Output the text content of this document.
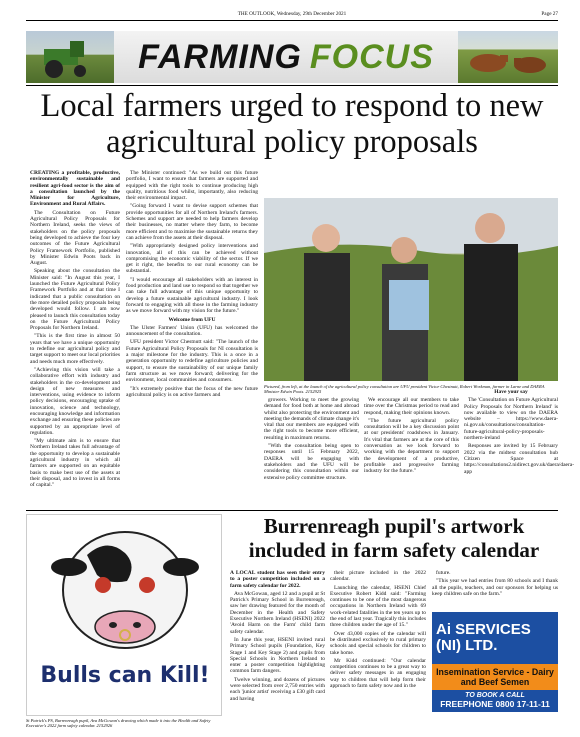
THE OUTLOOK, Wednesday, 29th December 2021	Page 27
FARMING FOCUS
Local farmers urged to respond to new agricultural policy proposals

CREATING a profitable, productive, environmentally sustainable and resilient agri-food sector is the aim of a consultation launched by the Minister for Agriculture, Environment and Rural Affairs.

The Consultation on Future Agricultural Policy Proposals for Northern Ireland, seeks the views of stakeholders on the policy proposals being developed to achieve the four key outcomes of the Future Agricultural Policy Framework Portfolio, published by Minister Edwin Poots back in August.

Speaking about the consultation the Minister said: "In August this year, I launched the Future Agricultural Policy Framework Portfolio and at that time I indicated that a public consultation on the more detailed policy proposals being developed would follow. I am now pleased to launch this consultation today on the Future Agricultural Policy Proposals for Northern Ireland.

"This is the first time in almost 50 years that we have a unique opportunity to redefine our agricultural policy and target support to meet our local priorities and needs much more effectively.

"Achieving this vision will take a collaborative effort with industry and stakeholders in the co-development and design of new measures and interventions, using evidence to inform policy decisions, encouraging uptake of innovation, science and technology, encouraging knowledge and information exchange and ensuring these policies are supported by an appropriate level of regulation.

"My ultimate aim is to ensure that Northern Ireland takes full advantage of the opportunity to develop a sustainable agricultural industry in which all farmers are supported on an equitable basis to make best use of the assets at their disposal, and to invest in all forms of capital."

The Minister continued: "As we build out this future portfolio, I want to ensure that farmers are supported and equipped with the right tools to continue producing high quality, nutritious food whilst, importantly, also reducing their environmental impact.

"Going forward I want to devise support schemes that provide opportunities for all of Northern Ireland's farmers. Schemes and support are needed to help farmers develop their businesses, no matter where they farm, to become more efficient and to maximise the sustainable returns they can achieve from the assets at their disposal.

"With appropriately designed policy interventions and innovation, all of this can be achieved without compromising the economic viability of the sector. If we get it right, the benefits to our rural economy can be substantial.

"I would encourage all stakeholders with an interest in food production and land use to respond so that together we can take full advantage of this unique opportunity to develop a future sustainable agricultural industry. I look forward to engaging with all those in the farming industry as we move forward with my vision for the future."

Welcome from UFU

The Ulster Farmers' Union (UFU) has welcomed the announcement of the consultation.

UFU president Victor Chestnutt said: "The launch of the Future Agricultural Policy Proposals for NI consultation is a major milestone for the industry. This is a once in a generation opportunity to redefine agriculture policies and support, to ensure the sustainability of our unique family farm structure as we move forward; delivering for the environment, local communities and consumers.

"It's extremely positive that the focus of the new future agricultural policy is on active farmers and

Pictured, from left, at the launch of the agricultural policy consultation are UFU president Victor Chestnutt, Robert Workman, farmer in Larne and DAERA Minister Edwin Poots. 2152925

growers. Working to meet the growing demand for food both at home and abroad whilst also protecting the environment and meeting the demands of climate change it's vital that our members are equipped with the right tools to become more efficient, resulting in maximum returns.

"With the consultation being open to responses until 15 February 2022, DAERA will be engaging with stakeholders and the UFU will be considering this consultation within our extensive policy committee structure.

We encourage all our members to take time over the Christmas period to read and respond, making their opinions known.

"The future agricultural policy consultation will be a key discussion point at our presidents' roadshows in January. It's vital that farmers are at the core of this conversation as we look forward to working with the department to support the development of a productive, profitable and progressive farming industry for the future."

Have your say

The 'Consultation on Future Agricultural Policy Proposals for Northern Ireland' is now available to view on the DAERA website – https://www.daera-ni.gov.uk/consultations/consultation-future-agricultural-policy-proposals-northern-ireland

Responses are invited by 15 February 2022 via the midtext consultation hub Citizen Space at https://consultations2.nidirect.gov.uk/daera/daera-app

Bulls can Kill!
St Patrick's PS, Burrenreagh pupil, Ava McGowan's drawing which made it into the Health and Safety Executive's 2022 farm safety calendar. 2152926
Burrenreagh pupil's artwork included in farm safety calendar

A LOCAL student has seen their entry to a poster competition included on a farm safety calendar for 2022.

Ava McGowan, aged 12 and a pupil at St Patrick's Primary School in Burrenreagh, saw her drawing featured for the month of December in the Health and Safety Executive Northern Ireland (HSENI) 2022 'Avoid Harm on the Farm' child farm safety calendar.

In June this year, HSENI invited rural Primary School pupils (Foundation, Key Stage 1 and Key Stage 2) and pupils from Special Schools in Northern Ireland to enter a poster competition highlighting common farm dangers.

Twelve winning, and dozens of pictures were selected from over 2,750 entries with each 'junior artist' receiving a £30 gift card and having

their picture included in the 2022 calendar.

Launching the calendar, HSENI Chief Executive Robert Kidd said: "Farming continues to be one of the most dangerous occupations in Northern Ireland with 69 work-related fatalities in the ten years up to the end of last year. Tragically this includes three children under the age of 15."

Over 43,000 copies of the calendar will be distributed exclusively to rural primary schools and special schools for children to take home.

Mr Kidd continued: "Our calendar competition continues to be a great way to deliver safety messages in an engaging way to children that will help form their approach to farm safety now and in the

future.

"This year we had entries from 80 schools and I thank all the pupils, teachers, and our sponsors for helping us keep children safe on the farm."

Ai SERVICES
(NI) LTD.
Insemination Service - Dairy and Beef Semen
TO BOOK A CALL
FREEPHONE 0800 17-11-11
